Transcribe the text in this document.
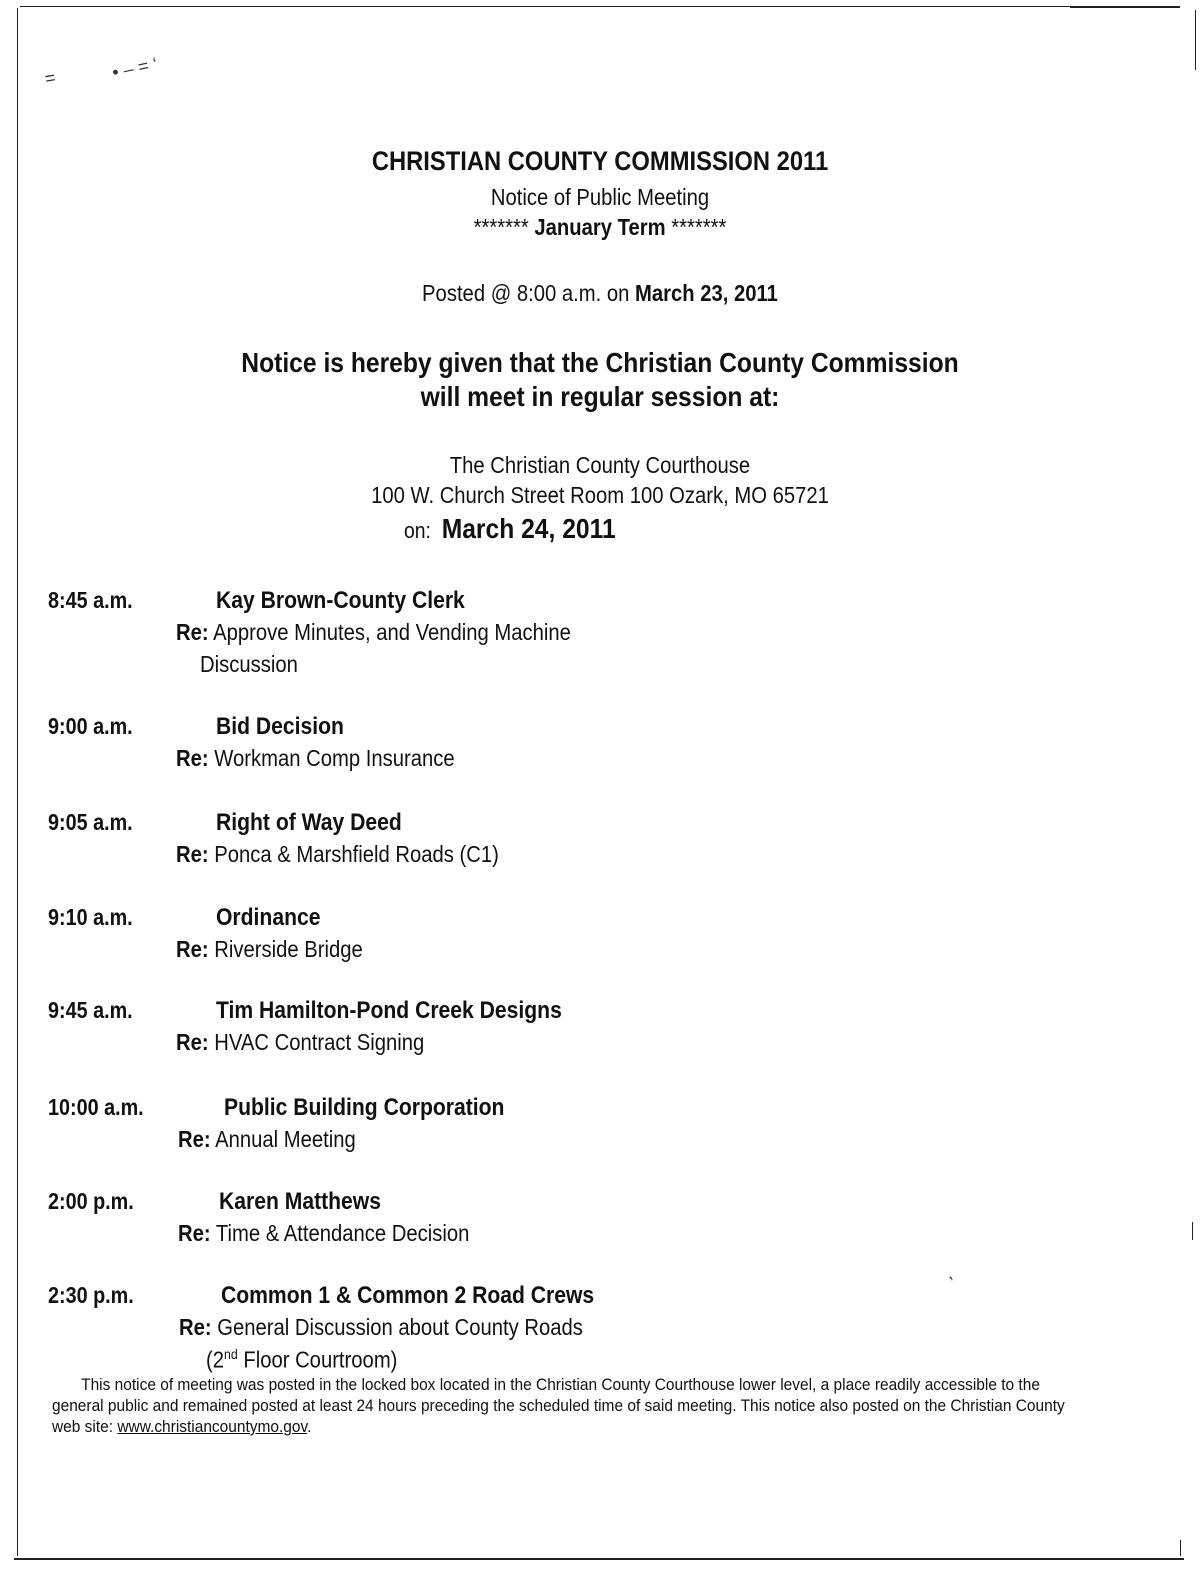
=	• – = ‘
’
CHRISTIAN COUNTY COMMISSION 2011
Notice of Public Meeting
******* January Term *******
Posted @ 8:00 a.m. on March 23, 2011
Notice is hereby given that the Christian County Commission
will meet in regular session at:
The Christian County Courthouse
100 W. Church Street Room 100 Ozark, MO 65721
on: March 24, 2011
8:45 a.m.	Kay Brown-County Clerk
Re: Approve Minutes, and Vending Machine
Discussion
9:00 a.m.	Bid Decision
Re: Workman Comp Insurance
9:05 a.m.	Right of Way Deed
Re: Ponca & Marshfield Roads (C1)
9:10 a.m.	Ordinance
Re: Riverside Bridge
9:45 a.m.	Tim Hamilton-Pond Creek Designs
Re: HVAC Contract Signing
10:00 a.m.	Public Building Corporation
Re: Annual Meeting
2:00 p.m.	Karen Matthews
Re: Time & Attendance Decision
2:30 p.m.	Common 1 & Common 2 Road Crews
Re: General Discussion about County Roads
(2nd Floor Courtroom)
This notice of meeting was posted in the locked box located in the Christian County Courthouse lower level, a place readily accessible to the general public and remained posted at least 24 hours preceding the scheduled time of said meeting. This notice also posted on the Christian County web site: www.christiancountymo.gov.
